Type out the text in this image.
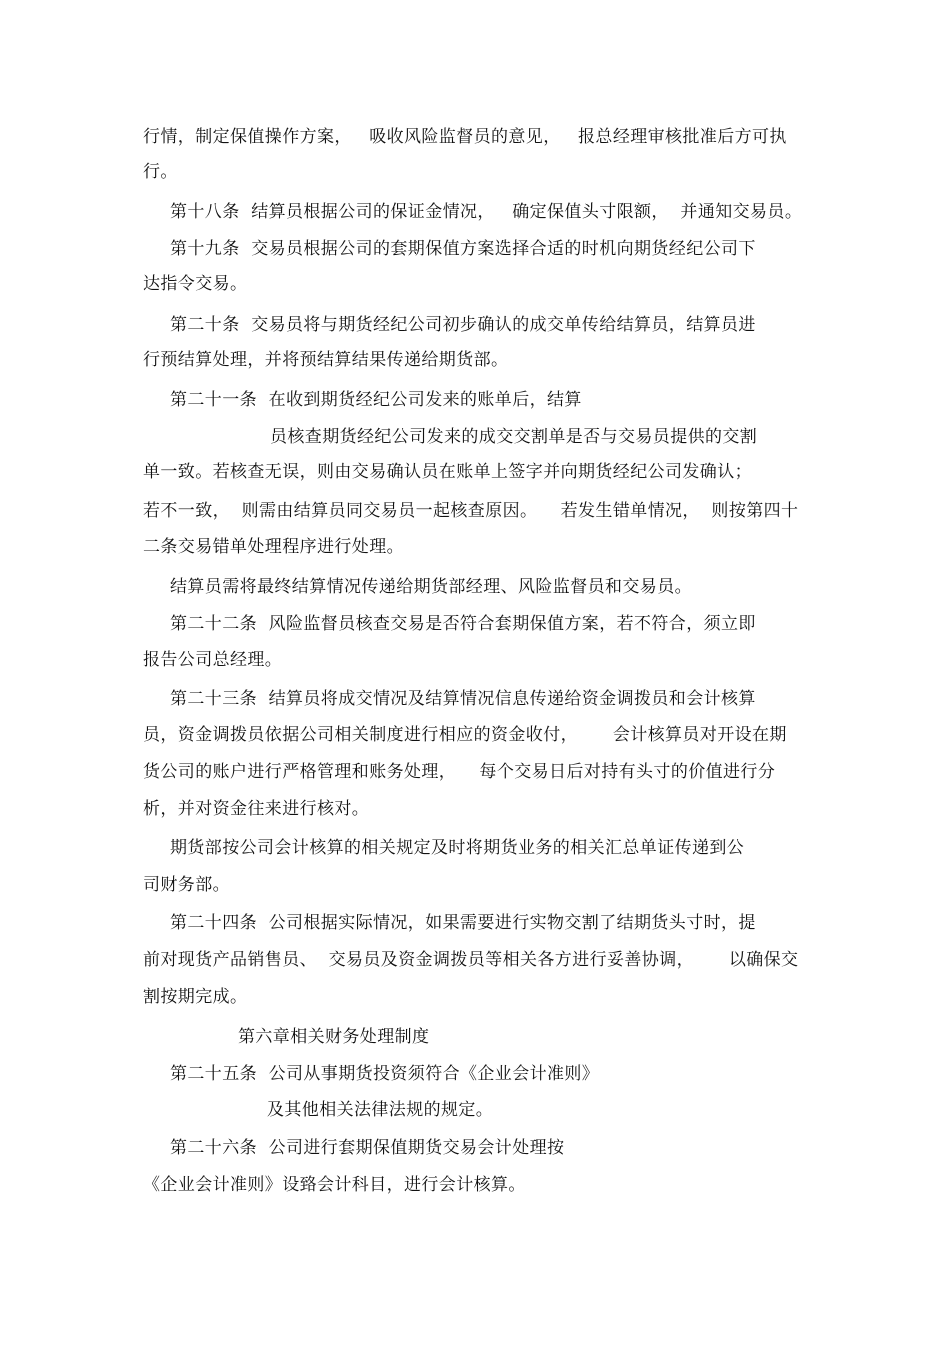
行情，制定保值操作方案，   吸收风险监督员的意见，   报总经理审核批准后方可执
行。
第十八条  结算员根据公司的保证金情况，   确定保值头寸限额，  并通知交易员。
第十九条  交易员根据公司的套期保值方案选择合适的时机向期货经纪公司下
达指令交易。
第二十条  交易员将与期货经纪公司初步确认的成交单传给结算员，结算员进
行预结算处理，并将预结算结果传递给期货部。
第二十一条  在收到期货经纪公司发来的账单后，结算
员核查期货经纪公司发来的成交交割单是否与交易员提供的交割
单一致。若核查无误，则由交易确认员在账单上签字并向期货经纪公司发确认；
若不一致，  则需由结算员同交易员一起核查原因。    若发生错单情况，  则按第四十
二条交易错单处理程序进行处理。
结算员需将最终结算情况传递给期货部经理、风险监督员和交易员。
第二十二条  风险监督员核查交易是否符合套期保值方案，若不符合，须立即
报告公司总经理。
第二十三条  结算员将成交情况及结算情况信息传递给资金调拨员和会计核算
员，资金调拨员依据公司相关制度进行相应的资金收付，      会计核算员对开设在期
货公司的账户进行严格管理和账务处理，    每个交易日后对持有头寸的价值进行分
析，并对资金往来进行核对。
期货部按公司会计核算的相关规定及时将期货业务的相关汇总单证传递到公
司财务部。
第二十四条  公司根据实际情况，如果需要进行实物交割了结期货头寸时，提
前对现货产品销售员、  交易员及资金调拨员等相关各方进行妥善协调，      以确保交
割按期完成。
第六章相关财务处理制度
第二十五条  公司从事期货投资须符合《企业会计准则》
及其他相关法律法规的规定。
第二十六条  公司进行套期保值期货交易会计处理按
《企业会计准则》设臵会计科目，进行会计核算。
